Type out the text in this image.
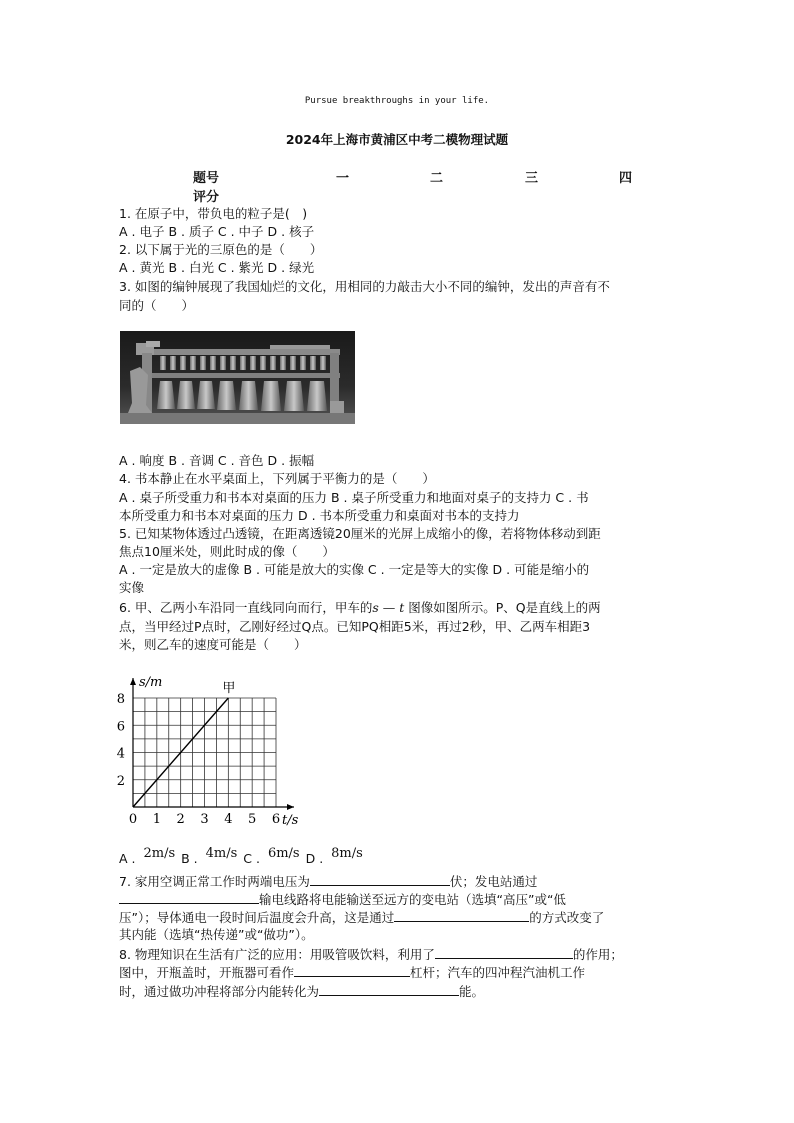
Pursue breakthroughs in your life.
2024年上海市黄浦区中考二模物理试题
题号	一	二	三	四
评分
1. 在原子中，带负电的粒子是(　)
A . 电子 B . 质子 C . 中子 D . 核子
2. 以下属于光的三原色的是（　　）
A . 黄光 B . 白光 C . 紫光 D . 绿光
3. 如图的编钟展现了我国灿烂的文化，用相同的力敲击大小不同的编钟，发出的声音有不
同的（　　）
A . 响度 B . 音调 C . 音色 D . 振幅
4. 书本静止在水平桌面上，下列属于平衡力的是（　　）
A . 桌子所受重力和书本对桌面的压力 B . 桌子所受重力和地面对桌子的支持力 C . 书
本所受重力和书本对桌面的压力 D . 书本所受重力和桌面对书本的支持力
5. 已知某物体透过凸透镜，在距离透镜20厘米的光屏上成缩小的像，若将物体移动到距
焦点10厘米处，则此时成的像（　　）
A . 一定是放大的虚像 B . 可能是放大的实像 C . 一定是等大的实像 D . 可能是缩小的
实像
6. 甲、乙两小车沿同一直线同向而行，甲车的s — t 图像如图所示。P、Q是直线上的两
点，当甲经过P点时，乙刚好经过Q点。已知PQ相距5米，再过2秒，甲、乙两车相距3
米，则乙车的速度可能是（　　）
0 1 2 3 4 5 6
2
4
6
8
t/s
s/m	甲
A . 2m/s B . 4m/s C . 6m/s D . 8m/s
7. 家用空调正常工作时两端电压为	伏；发电站通过
输电线路将电能输送至远方的变电站（选填“高压”或“低
压”）；导体通电一段时间后温度会升高，这是通过	的方式改变了
其内能（选填“热传递”或“做功”）。
8. 物理知识在生活有广泛的应用：用吸管吸饮料，利用了	的作用；
图中，开瓶盖时，开瓶器可看作	杠杆；汽车的四冲程汽油机工作
时，通过做功冲程将部分内能转化为	能。
